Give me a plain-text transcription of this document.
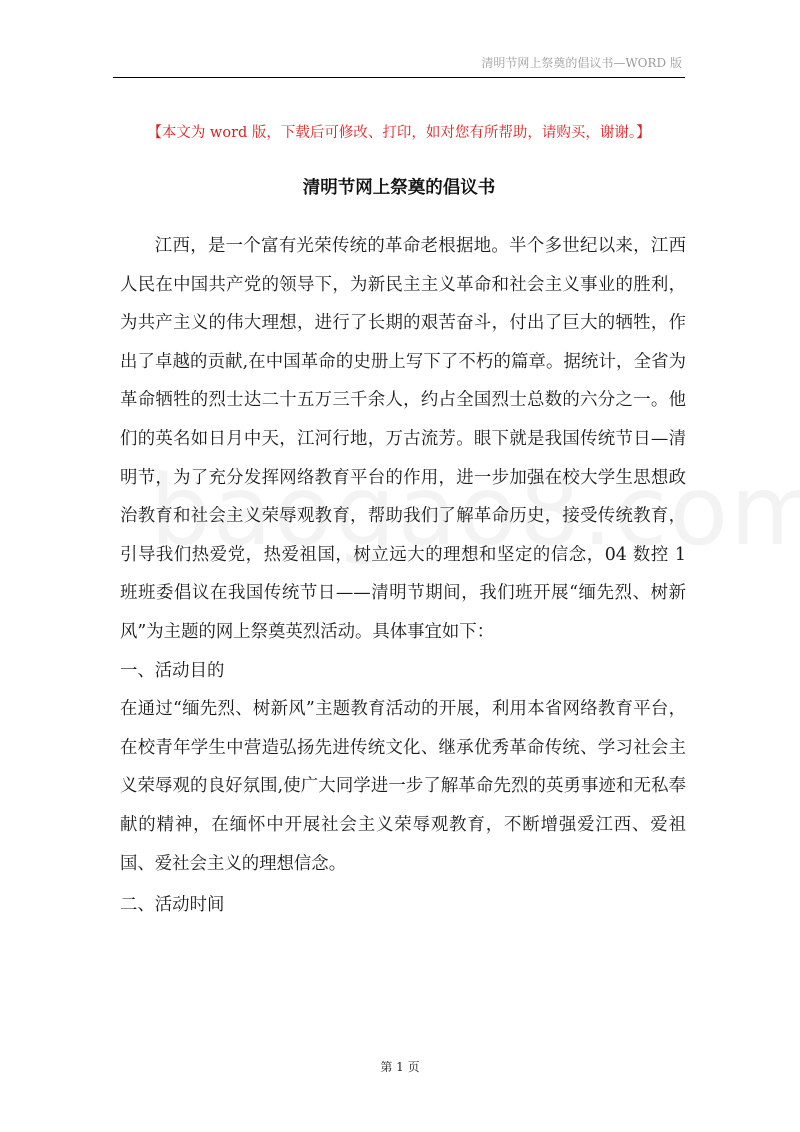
清明节网上祭奠的倡议书—WORD 版
【本文为 word 版，下载后可修改、打印，如对您有所帮助，请购买，谢谢。】
清明节网上祭奠的倡议书

江西，是一个富有光荣传统的革命老根据地。半个多世纪以来，江西人民在中国共产党的领导下，为新民主主义革命和社会主义事业的胜利，为共产主义的伟大理想，进行了长期的艰苦奋斗，付出了巨大的牺牲，作出了卓越的贡献,在中国革命的史册上写下了不朽的篇章。据统计，全省为革命牺牲的烈士达二十五万三千余人，约占全国烈士总数的六分之一。他们的英名如日月中天，江河行地，万古流芳。眼下就是我国传统节日—清明节，为了充分发挥网络教育平台的作用，进一步加强在校大学生思想政治教育和社会主义荣辱观教育，帮助我们了解革命历史，接受传统教育，引导我们热爱党，热爱祖国，树立远大的理想和坚定的信念，04 数控 1 班班委倡议在我国传统节日——清明节期间，我们班开展“缅先烈、树新风”为主题的网上祭奠英烈活动。具体事宜如下：

一、活动目的

在通过“缅先烈、树新风”主题教育活动的开展，利用本省网络教育平台，在校青年学生中营造弘扬先进传统文化、继承优秀革命传统、学习社会主义荣辱观的良好氛围,使广大同学进一步了解革命先烈的英勇事迹和无私奉献的精神，在缅怀中开展社会主义荣辱观教育，不断增强爱江西、爱祖国、爱社会主义的理想信念。

二、活动时间

第 1 页
